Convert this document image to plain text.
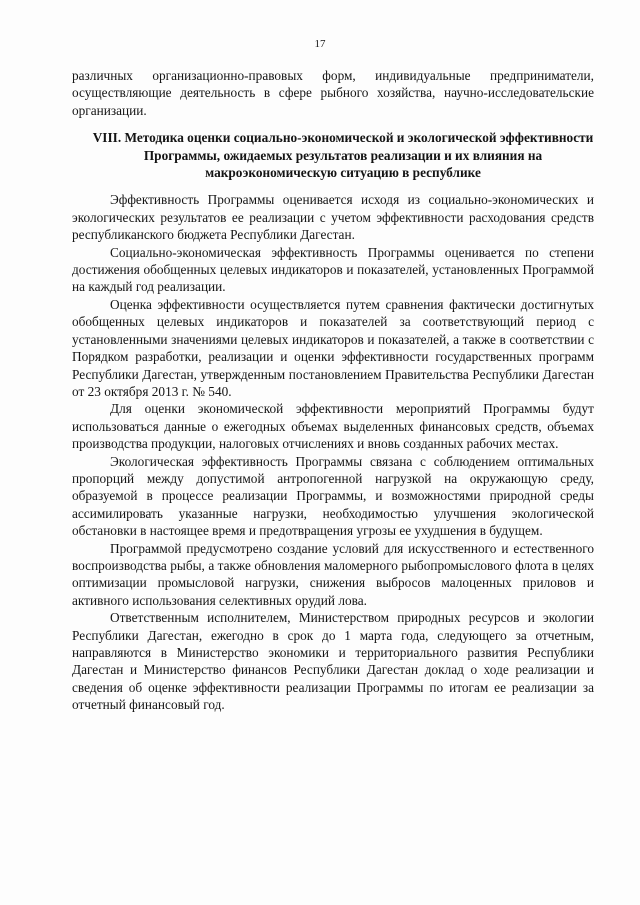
17

различных организационно-правовых форм, индивидуальные предприниматели, осуществляющие деятельность в сфере рыбного хозяйства, научно-исследовательские организации.

VIII. Методика оценки социально-экономической и экологической эффективности Программы, ожидаемых результатов реализации и их влияния на макроэкономическую ситуацию в республике

Эффективность Программы оценивается исходя из социально-экономических и экологических результатов ее реализации с учетом эффективности расходования средств республиканского бюджета Республики Дагестан.

Социально-экономическая эффективность Программы оценивается по степени достижения обобщенных целевых индикаторов и показателей, установленных Программой на каждый год реализации.

Оценка эффективности осуществляется путем сравнения фактически достигнутых обобщенных целевых индикаторов и показателей за соответствующий период с установленными значениями целевых индикаторов и показателей, а также в соответствии с Порядком разработки, реализации и оценки эффективности государственных программ Республики Дагестан, утвержденным постановлением Правительства Республики Дагестан от 23 октября 2013 г. № 540.

Для оценки экономической эффективности мероприятий Программы будут использоваться данные о ежегодных объемах выделенных финансовых средств, объемах производства продукции, налоговых отчислениях и вновь созданных рабочих местах.

Экологическая эффективность Программы связана с соблюдением оптимальных пропорций между допустимой антропогенной нагрузкой на окружающую среду, образуемой в процессе реализации Программы, и возможностями природной среды ассимилировать указанные нагрузки, необходимостью улучшения экологической обстановки в настоящее время и предотвращения угрозы ее ухудшения в будущем.

Программой предусмотрено создание условий для искусственного и естественного воспроизводства рыбы, а также обновления маломерного рыбопромыслового флота в целях оптимизации промысловой нагрузки, снижения выбросов малоценных приловов и активного использования селективных орудий лова.

Ответственным исполнителем, Министерством природных ресурсов и экологии Республики Дагестан, ежегодно в срок до 1 марта года, следующего за отчетным, направляются в Министерство экономики и территориального развития Республики Дагестан и Министерство финансов Республики Дагестан доклад о ходе реализации и сведения об оценке эффективности реализации Программы по итогам ее реализации за отчетный финансовый год.
